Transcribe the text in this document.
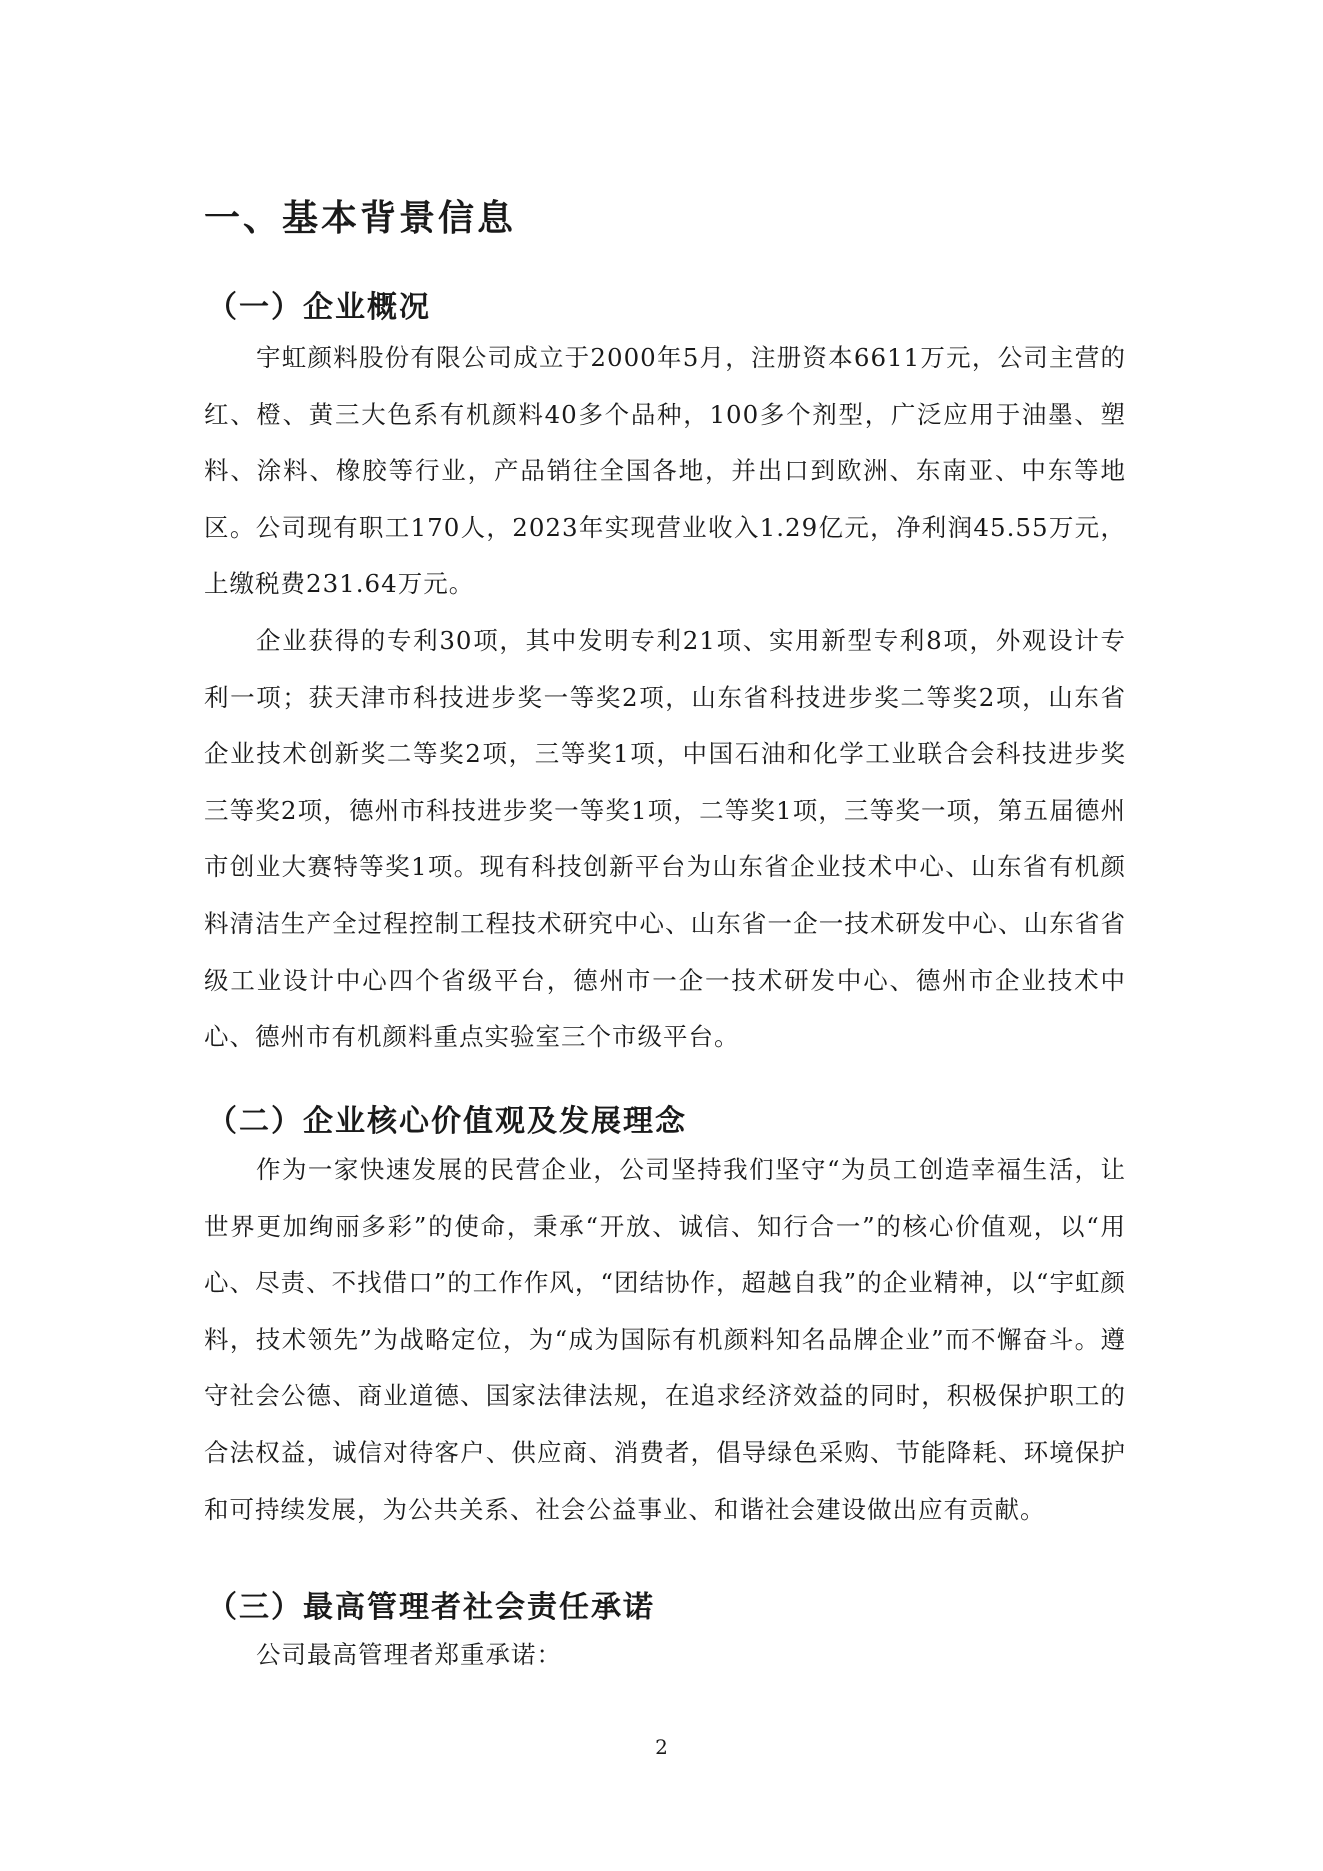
一、基本背景信息
（一）企业概况

宇虹颜料股份有限公司成立于2000年5月，注册资本6611万元，公司主营的红、橙、黄三大色系有机颜料40多个品种，100多个剂型，广泛应用于油墨、塑料、涂料、橡胶等行业，产品销往全国各地，并出口到欧洲、东南亚、中东等地区。公司现有职工170人，2023年实现营业收入1.29亿元，净利润45.55万元，上缴税费231.64万元。

企业获得的专利30项，其中发明专利21项、实用新型专利8项，外观设计专利一项；获天津市科技进步奖一等奖2项，山东省科技进步奖二等奖2项，山东省企业技术创新奖二等奖2项，三等奖1项，中国石油和化学工业联合会科技进步奖三等奖2项，德州市科技进步奖一等奖1项，二等奖1项，三等奖一项，第五届德州市创业大赛特等奖1项。现有科技创新平台为山东省企业技术中心、山东省有机颜料清洁生产全过程控制工程技术研究中心、山东省一企一技术研发中心、山东省省级工业设计中心四个省级平台，德州市一企一技术研发中心、德州市企业技术中心、德州市有机颜料重点实验室三个市级平台。

（二）企业核心价值观及发展理念

作为一家快速发展的民营企业，公司坚持我们坚守“为员工创造幸福生活，让世界更加绚丽多彩”的使命，秉承“开放、诚信、知行合一”的核心价值观，以“用心、尽责、不找借口”的工作作风，“团结协作，超越自我”的企业精神，以“宇虹颜料，技术领先”为战略定位，为“成为国际有机颜料知名品牌企业”而不懈奋斗。遵守社会公德、商业道德、国家法律法规，在追求经济效益的同时，积极保护职工的合法权益，诚信对待客户、供应商、消费者，倡导绿色采购、节能降耗、环境保护和可持续发展，为公共关系、社会公益事业、和谐社会建设做出应有贡献。

（三）最高管理者社会责任承诺

公司最高管理者郑重承诺：

2
